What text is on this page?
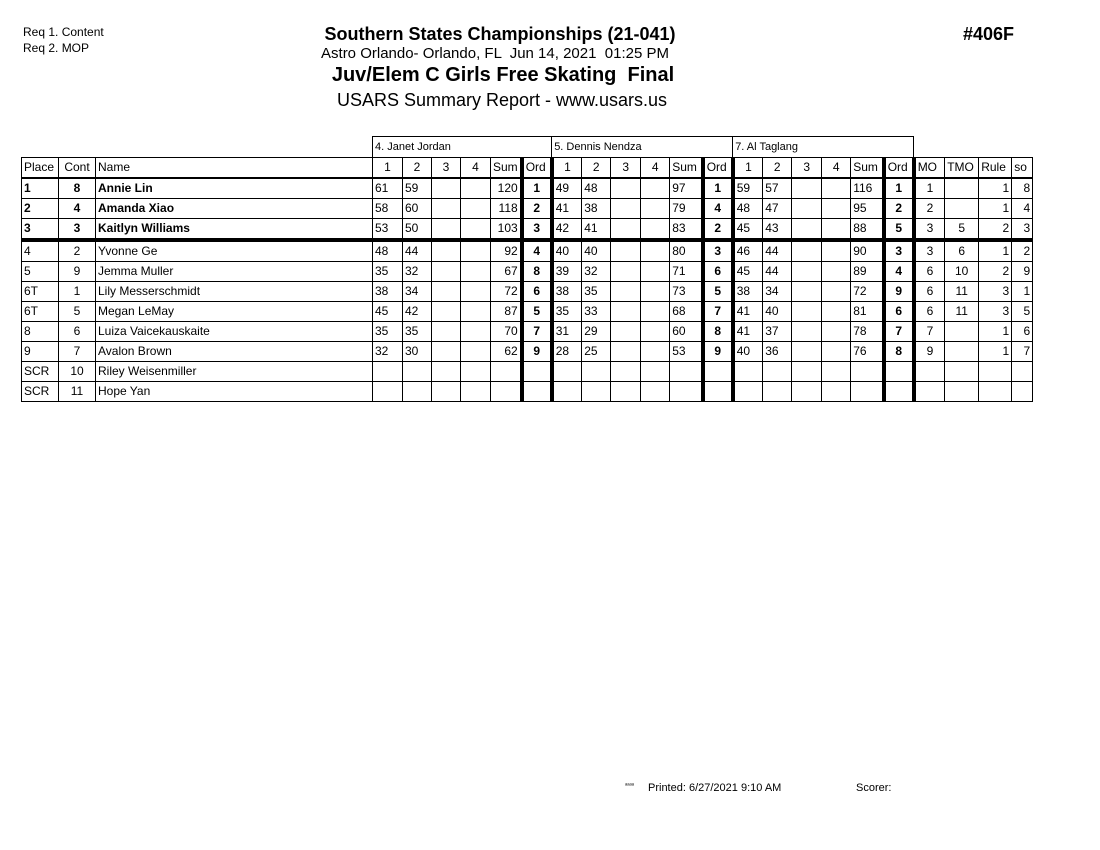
Req 1. Content
Req 2. MOP
Southern States Championships (21-041)
Astro Orlando- Orlando, FL  Jun 14, 2021  01:25 PM
Juv/Elem C Girls Free Skating  Final
USARS Summary Report - www.usars.us
#406F
			4. Janet Jordan						5. Dennis Nendza						7. Al Taglang									
Place	Cont	Name	1	2	3	4	Sum	Ord	1	2	3	4	Sum	Ord	1	2	3	4	Sum	Ord	MO	TMO	Rule	so
1	8	Annie Lin	61	59			120	1	49	48			97	1	59	57			116	1	1		1	8
2	4	Amanda Xiao	58	60			118	2	41	38			79	4	48	47			95	2	2		1	4
3	3	Kaitlyn Williams	53	50			103	3	42	41			83	2	45	43			88	5	3	5	2	3
4	2	Yvonne Ge	48	44			92	4	40	40			80	3	46	44			90	3	3	6	1	2
5	9	Jemma Muller	35	32			67	8	39	32			71	6	45	44			89	4	6	10	2	9
6T	1	Lily Messerschmidt	38	34			72	6	38	35			73	5	38	34			72	9	6	11	3	1
6T	5	Megan LeMay	45	42			87	5	35	33			68	7	41	40			81	6	6	11	3	5
8	6	Luiza Vaicekauskaite	35	35			70	7	31	29			60	8	41	37			78	7	7		1	6
9	7	Avalon Brown	32	30			62	9	28	25			53	9	40	36			76	8	9		1	7
SCR	10	Riley Weisenmiller																						
SCR	11	Hope Yan																						
ₐₐₐₐ Printed: 6/27/2021 9:10 AM	Scorer:
